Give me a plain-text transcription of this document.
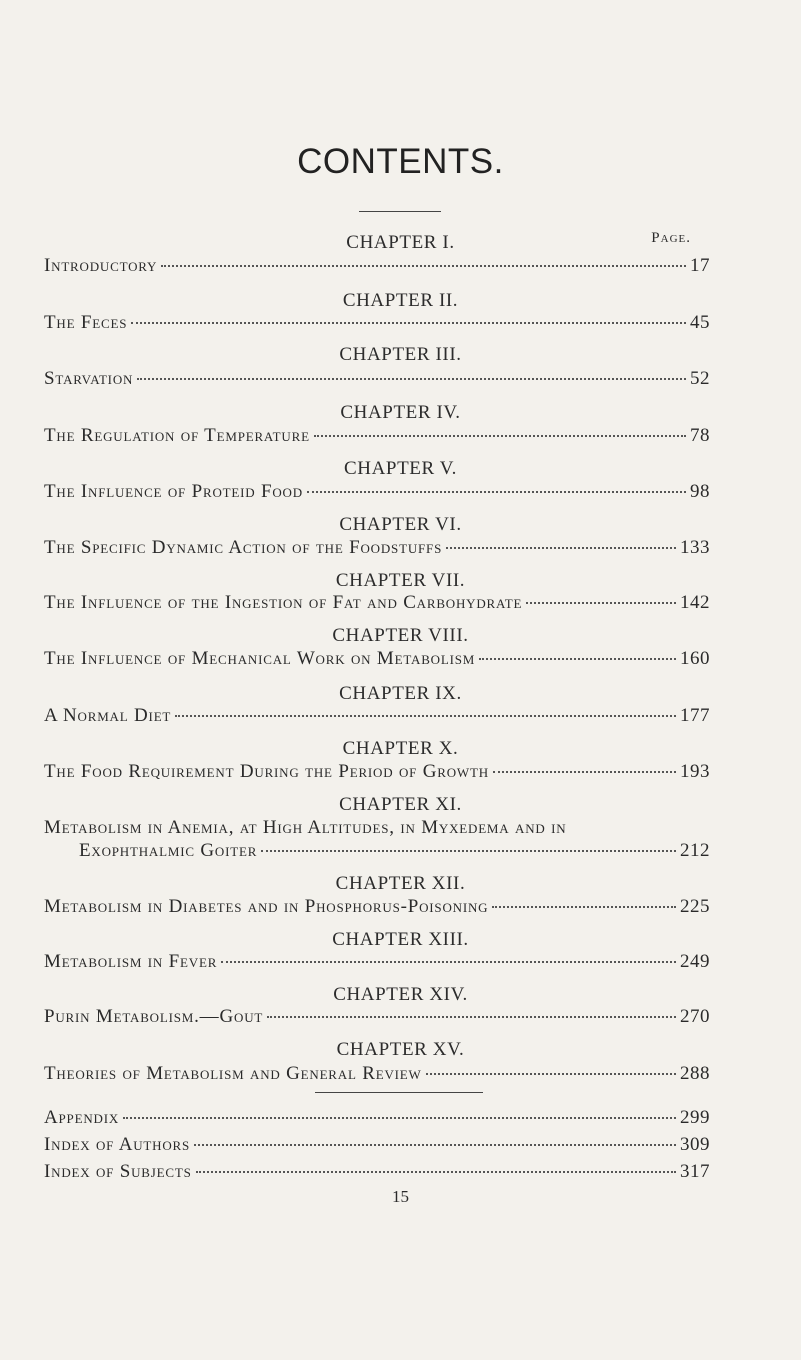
CONTENTS.
CHAPTER I.	Page.
Introductory	17
CHAPTER II.
The Feces	45
CHAPTER III.
Starvation	52
CHAPTER IV.
The Regulation of Temperature	78
CHAPTER V.
The Influence of Proteid Food	98
CHAPTER VI.
The Specific Dynamic Action of the Foodstuffs	133
CHAPTER VII.
The Influence of the Ingestion of Fat and Carbohydrate	142
CHAPTER VIII.
The Influence of Mechanical Work on Metabolism	160
CHAPTER IX.
A Normal Diet	177
CHAPTER X.
The Food Requirement During the Period of Growth	193
CHAPTER XI.
Metabolism in Anemia, at High Altitudes, in Myxedema and in
Exophthalmic Goiter	212
CHAPTER XII.
Metabolism in Diabetes and in Phosphorus-Poisoning	225
CHAPTER XIII.
Metabolism in Fever	249
CHAPTER XIV.
Purin Metabolism.—Gout	270
CHAPTER XV.
Theories of Metabolism and General Review	288
Appendix	299
Index of Authors	309
Index of Subjects	317
15
